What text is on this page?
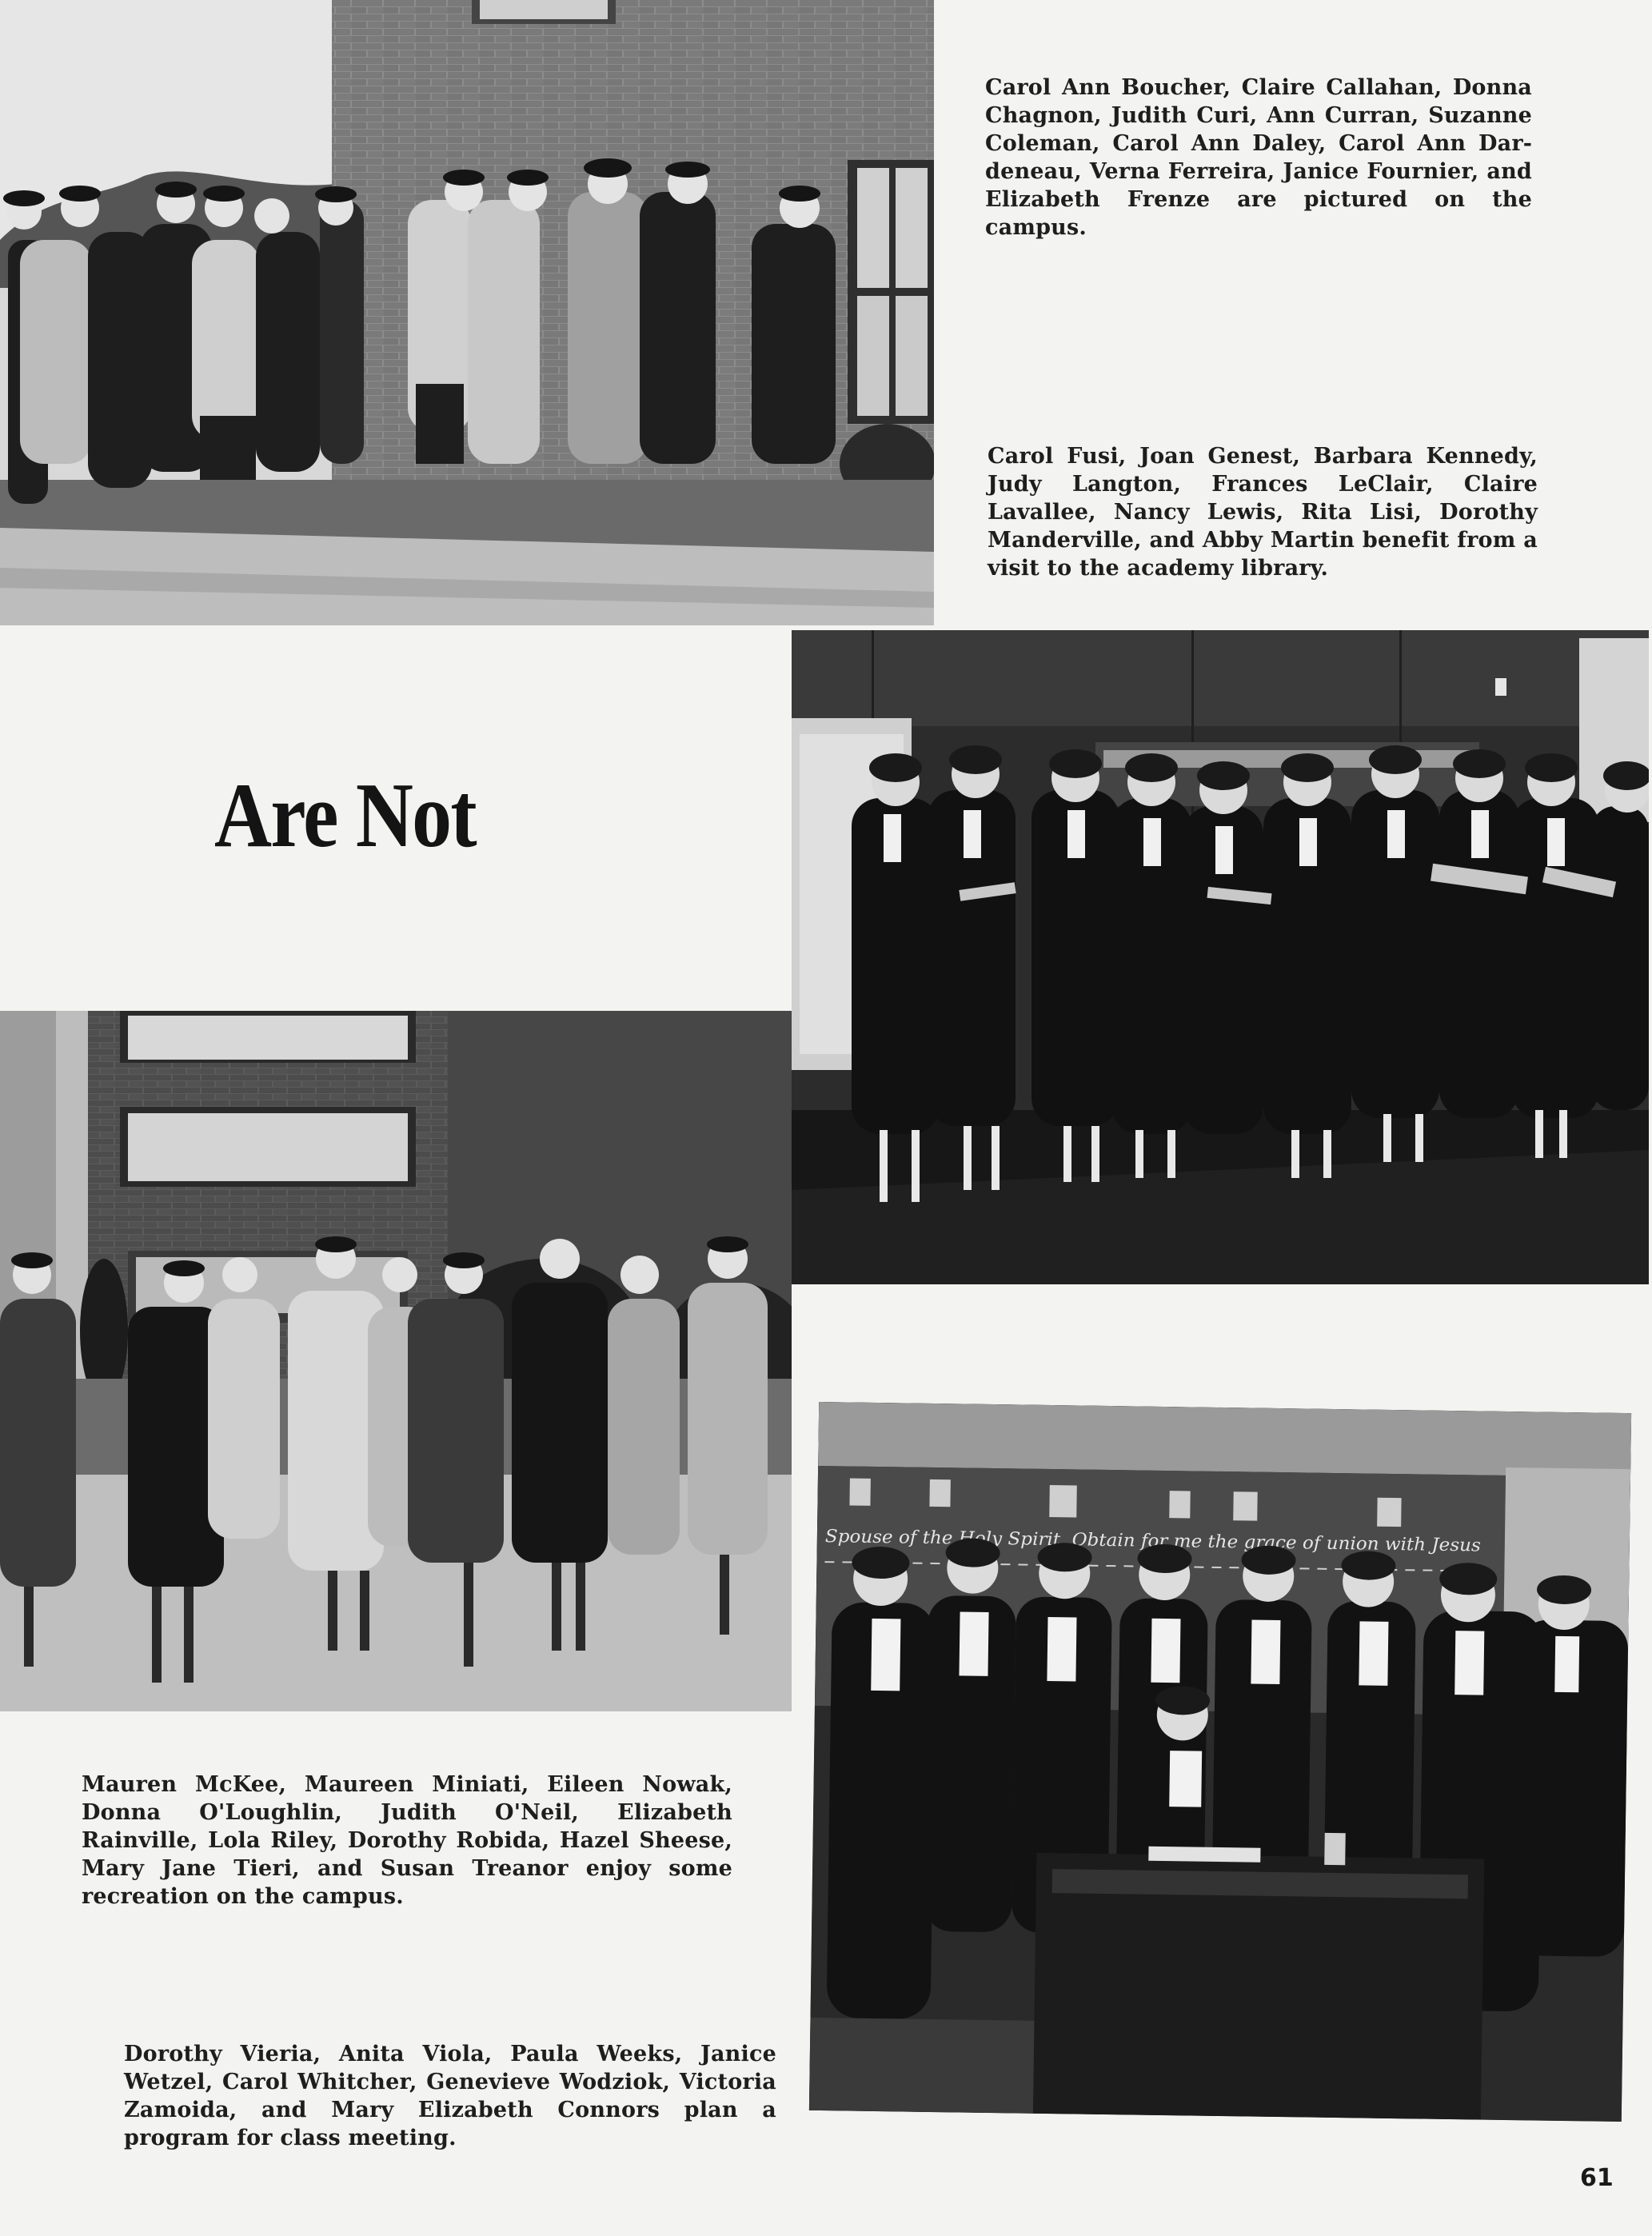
Carol Ann Boucher, Claire Callahan, Donna Chagnon, Judith Curi, Ann Curran, Suzanne Coleman, Carol Ann Daley, Carol Ann Dardeneau, Verna Ferreira, Janice Fournier, and Elizabeth Frenze are pictured on the campus.
Carol Fusi, Joan Genest, Barbara Kennedy, Judy Langton, Frances LeClair, Claire Lavallee, Nancy Lewis, Rita Lisi, Dorothy Manderville, and Abby Martin benefit from a visit to the academy library.
Are Not
Mauren McKee, Maureen Miniati, Eileen Nowak, Donna O'Loughlin, Judith O'Neil, Elizabeth Rainville, Lola Riley, Dorothy Robida, Hazel Sheese, Mary Jane Tieri, and Susan Treanor enjoy some recreation on the campus.
Spouse of the Holy Spirit, Obtain for me the grace of union with Jesus
Dorothy Vieria, Anita Viola, Paula Weeks, Janice Wetzel, Carol Whitcher, Genevieve Wodziok, Victoria Zamoida, and Mary Elizabeth Connors plan a program for class meeting.
61
